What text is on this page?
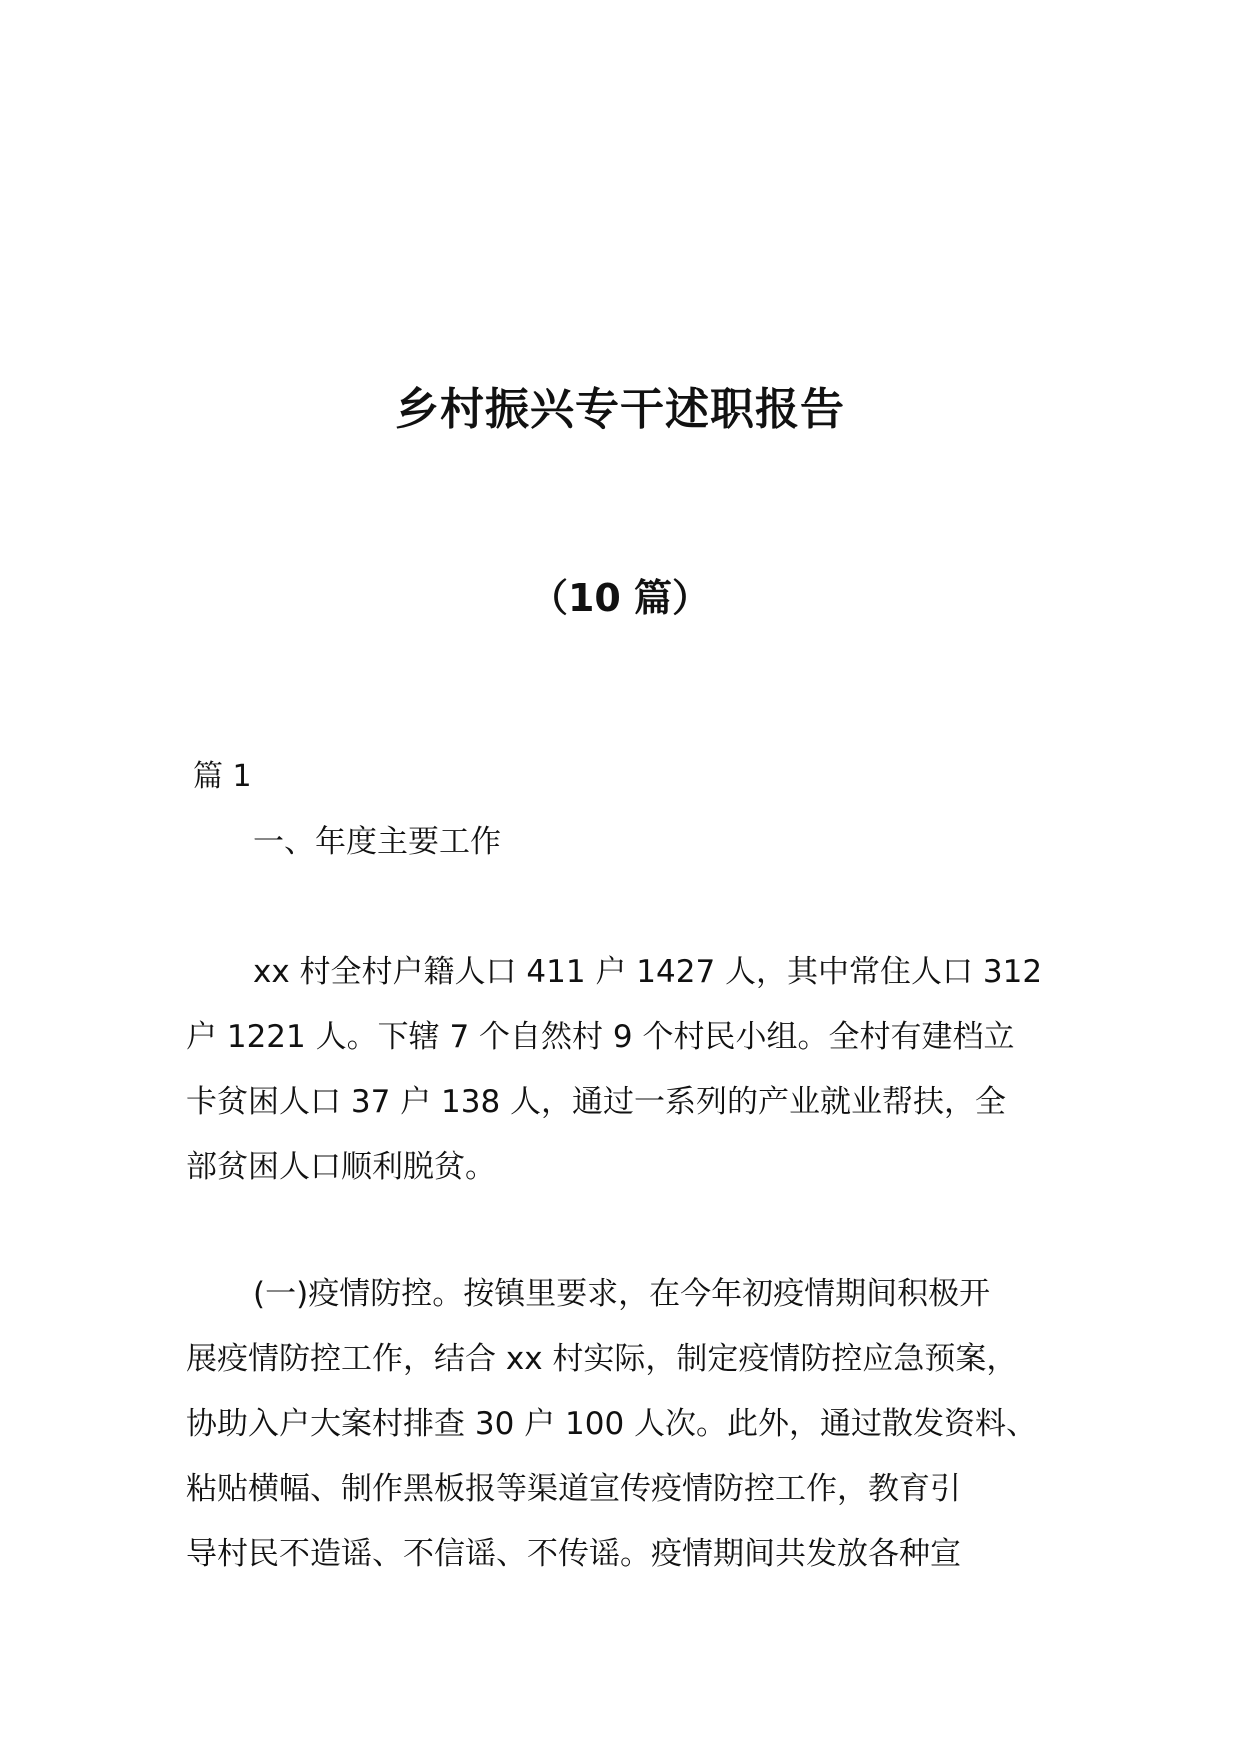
乡村振兴专干述职报告
（10 篇）
篇 1
一、年度主要工作
xx 村全村户籍人口 411 户 1427 人，其中常住人口 312
户 1221 人。下辖 7 个自然村 9 个村民小组。全村有建档立
卡贫困人口 37 户 138 人，通过一系列的产业就业帮扶，全
部贫困人口顺利脱贫。
(一)疫情防控。按镇里要求，在今年初疫情期间积极开
展疫情防控工作，结合 xx 村实际，制定疫情防控应急预案，
协助入户大案村排查 30 户 100 人次。此外，通过散发资料、
粘贴横幅、制作黑板报等渠道宣传疫情防控工作，教育引
导村民不造谣、不信谣、不传谣。疫情期间共发放各种宣
